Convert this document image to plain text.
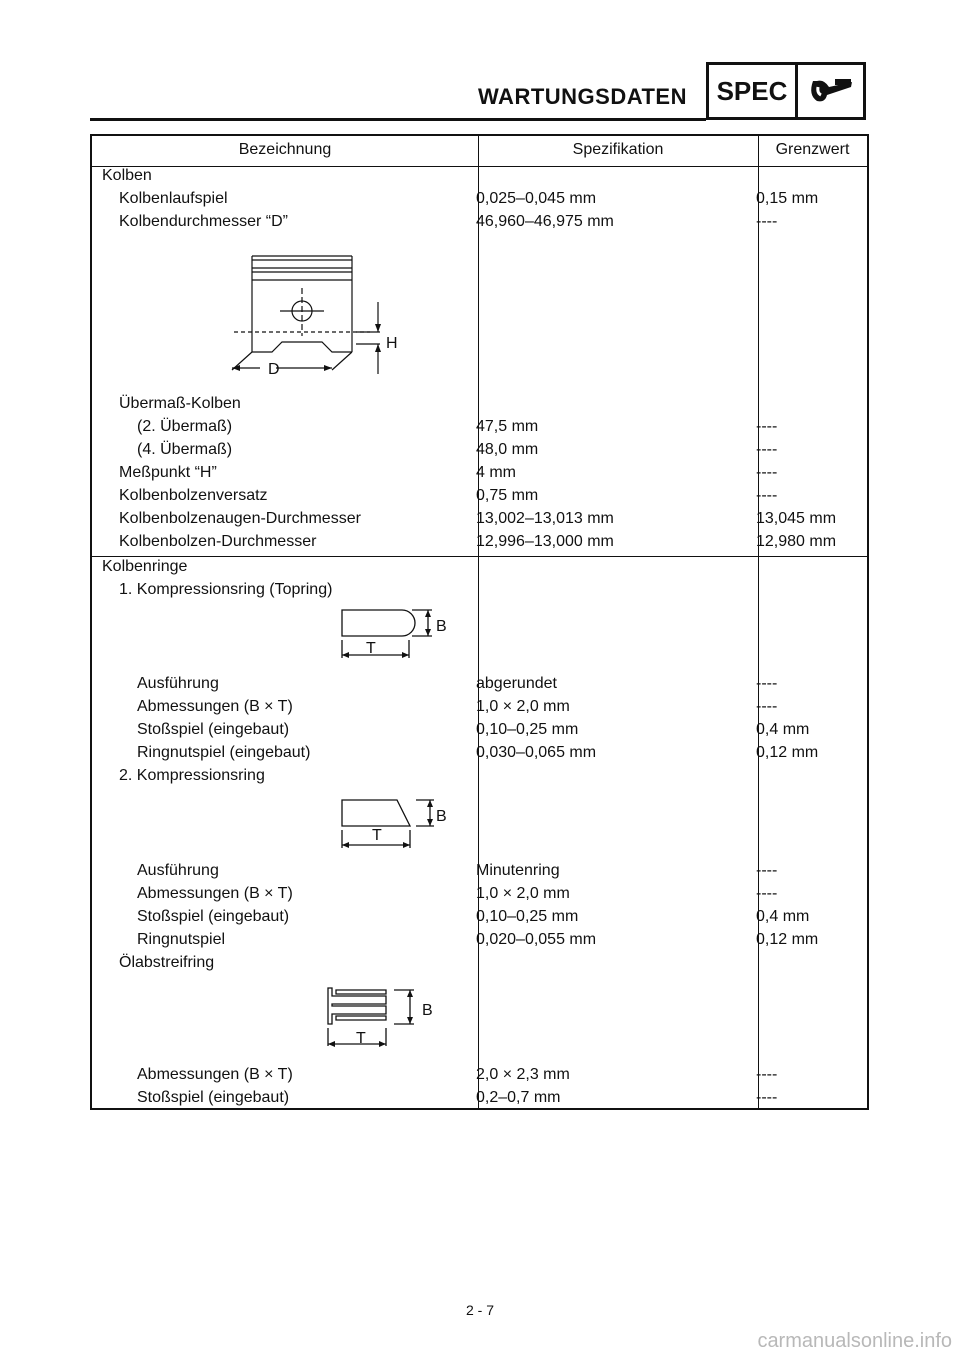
WARTUNGSDATEN SPEC
Bezeichnung	Spezifikation	Grenzwert
Kolben
Kolbenlaufspiel	0,025–0,045 mm	0,15 mm
Kolbendurchmesser “D”	46,960–46,975 mm	----
D
H
Übermaß-Kolben
(2. Übermaß)	47,5 mm	----
(4. Übermaß)	48,0 mm	----
Meßpunkt “H”	4 mm	----
Kolbenbolzenversatz	0,75 mm	----
Kolbenbolzenaugen-Durchmesser	13,002–13,013 mm	13,045 mm
Kolbenbolzen-Durchmesser	12,996–13,000 mm	12,980 mm
Kolbenringe
1. Kompressionsring (Topring)
B
T
Ausführung	abgerundet	----
Abmessungen (B × T)	1,0 × 2,0 mm	----
Stoßspiel (eingebaut)	0,10–0,25 mm	0,4 mm
Ringnutspiel (eingebaut)	0,030–0,065 mm	0,12 mm
2. Kompressionsring
B
T
Ausführung	Minutenring	----
Abmessungen (B × T)	1,0 × 2,0 mm	----
Stoßspiel (eingebaut)	0,10–0,25 mm	0,4 mm
Ringnutspiel	0,020–0,055 mm	0,12 mm
Ölabstreifring
B
T
Abmessungen (B × T)	2,0 × 2,3 mm	----
Stoßspiel (eingebaut)	0,2–0,7 mm	----
2 - 7
carmanualsonline.info
